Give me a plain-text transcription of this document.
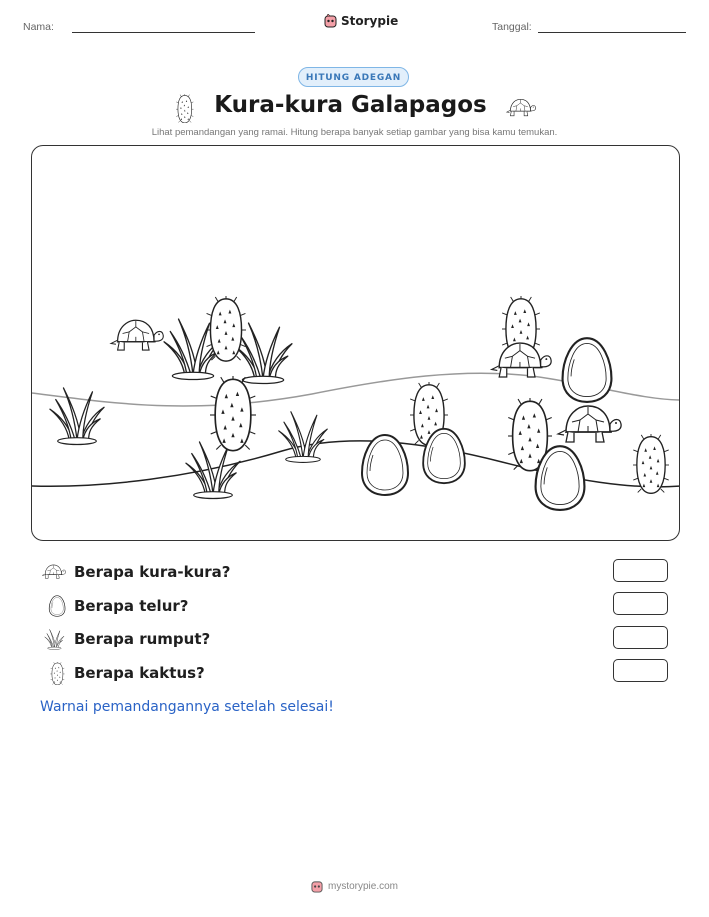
Nama:	Storypie	Tanggal:
HITUNG ADEGAN
Kura-kura Galapagos
Lihat pemandangan yang ramai. Hitung berapa banyak setiap gambar yang bisa kamu temukan.
Berapa kura-kura?
Berapa telur?
Berapa rumput?
Berapa kaktus?
Warnai pemandangannya setelah selesai!
mystorypie.com
